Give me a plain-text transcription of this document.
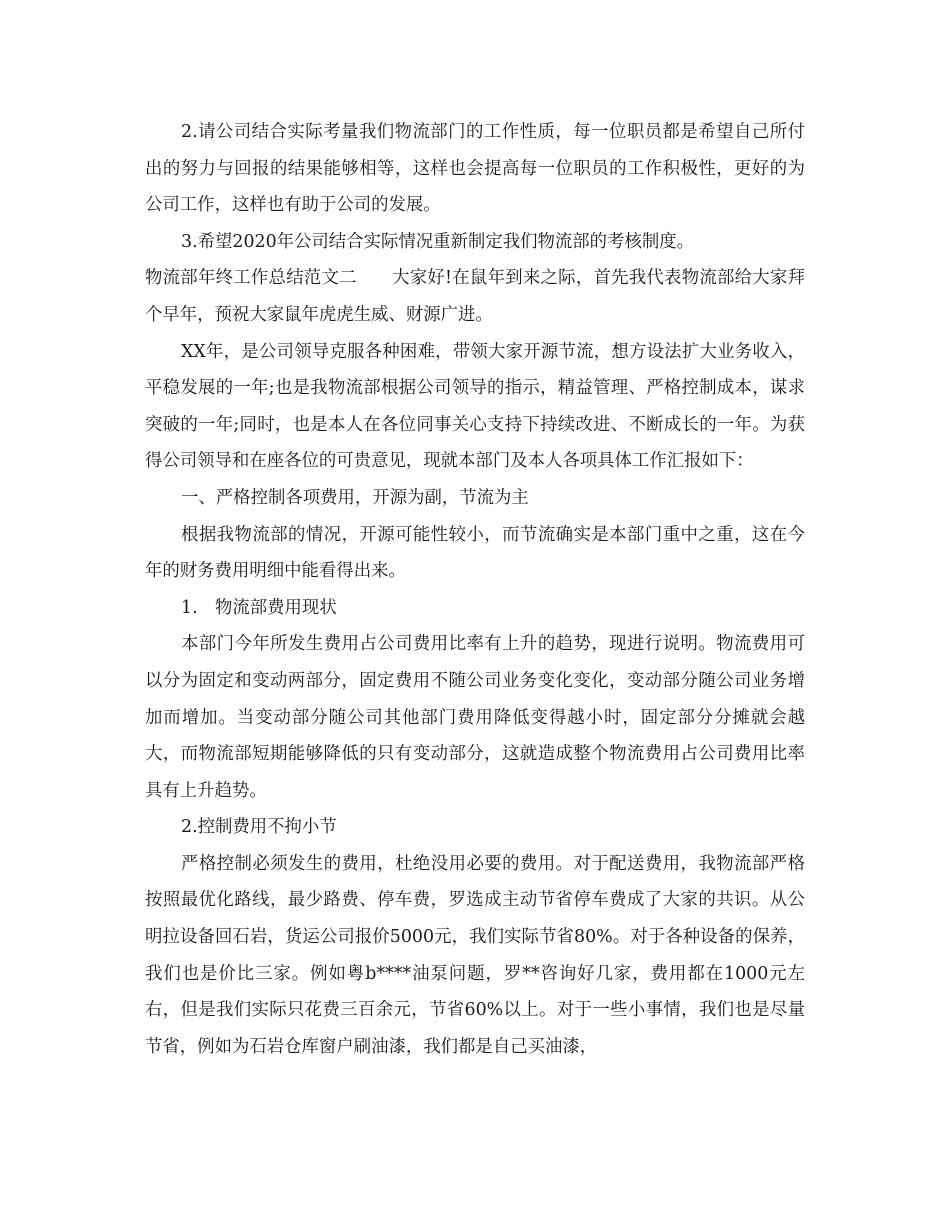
2.请公司结合实际考量我们物流部门的工作性质，每一位职员都是希望自己所付出的努力与回报的结果能够相等，这样也会提高每一位职员的工作积极性，更好的为公司工作，这样也有助于公司的发展。

3.希望2020年公司结合实际情况重新制定我们物流部的考核制度。

物流部年终工作总结范文二　　大家好!在鼠年到来之际，首先我代表物流部给大家拜个早年，预祝大家鼠年虎虎生威、财源广进。

XX年，是公司领导克服各种困难，带领大家开源节流，想方设法扩大业务收入，平稳发展的一年;也是我物流部根据公司领导的指示，精益管理、严格控制成本，谋求突破的一年;同时，也是本人在各位同事关心支持下持续改进、不断成长的一年。为获得公司领导和在座各位的可贵意见，现就本部门及本人各项具体工作汇报如下：

一、严格控制各项费用，开源为副，节流为主

根据我物流部的情况，开源可能性较小，而节流确实是本部门重中之重，这在今年的财务费用明细中能看得出来。

1.　物流部费用现状

本部门今年所发生费用占公司费用比率有上升的趋势，现进行说明。物流费用可以分为固定和变动两部分，固定费用不随公司业务变化变化，变动部分随公司业务增加而增加。当变动部分随公司其他部门费用降低变得越小时，固定部分分摊就会越大，而物流部短期能够降低的只有变动部分，这就造成整个物流费用占公司费用比率具有上升趋势。

2.控制费用不拘小节

严格控制必须发生的费用，杜绝没用必要的费用。对于配送费用，我物流部严格按照最优化路线，最少路费、停车费，罗选成主动节省停车费成了大家的共识。从公明拉设备回石岩，货运公司报价5000元，我们实际节省80%。对于各种设备的保养，我们也是价比三家。例如粤b****油泵问题，罗**咨询好几家，费用都在1000元左右，但是我们实际只花费三百余元，节省60%以上。对于一些小事情，我们也是尽量节省，例如为石岩仓库窗户刷油漆，我们都是自己买油漆，
